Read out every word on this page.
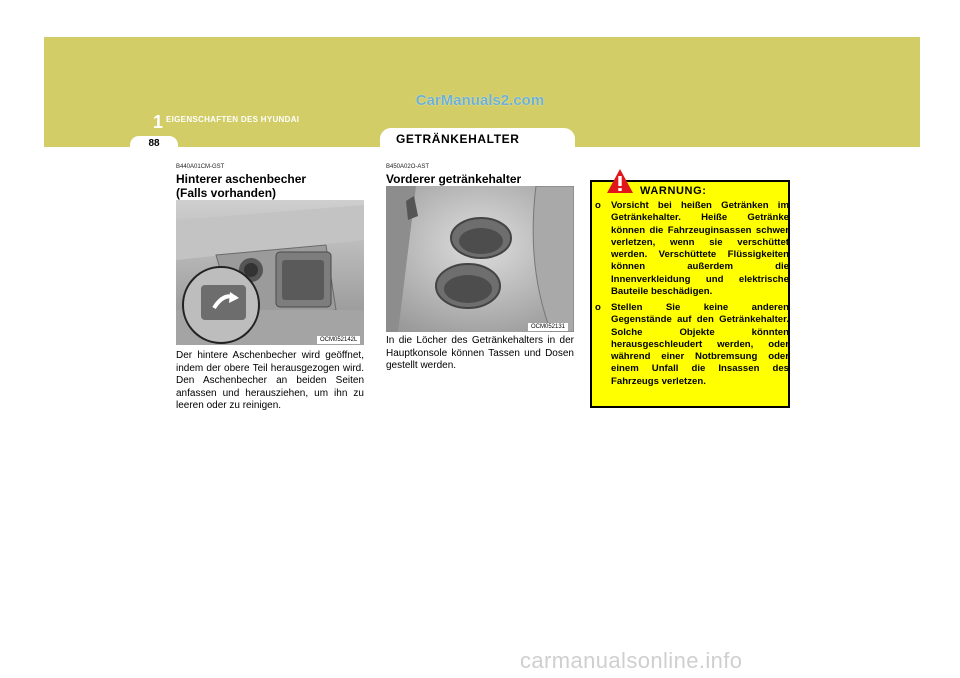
1 EIGENSCHAFTEN DES HYUNDAI
CarManuals2.com
88	GETRÄNKEHALTER
B440A01CM-GST
Hinterer aschenbecher
(Falls vorhanden)
OCM052142L
Der hintere Aschenbecher wird geöffnet, indem der obere Teil herausgezogen wird. Den Aschenbecher an beiden Seiten anfassen und herausziehen, um ihn zu leeren oder zu reinigen.
B450A02O-AST
Vorderer getränkehalter
OCM052131
In die Löcher des Getränkehalters in der Hauptkonsole können Tassen und Dosen gestellt werden.
WARNUNG:
o Vorsicht bei heißen Getränken im Getränkehalter. Heiße Getränke können die Fahrzeuginsassen schwer verletzen, wenn sie verschüttet werden. Verschüttete Flüssigkeiten können außerdem die Innenverkleidung und elektrische Bauteile beschädigen.
o Stellen Sie keine anderen Gegenstände auf den Getränkehalter. Solche Objekte könnten herausgeschleudert werden, oder während einer Notbremsung oder einem Unfall die Insassen des Fahrzeugs verletzen.
carmanualsonline.info
